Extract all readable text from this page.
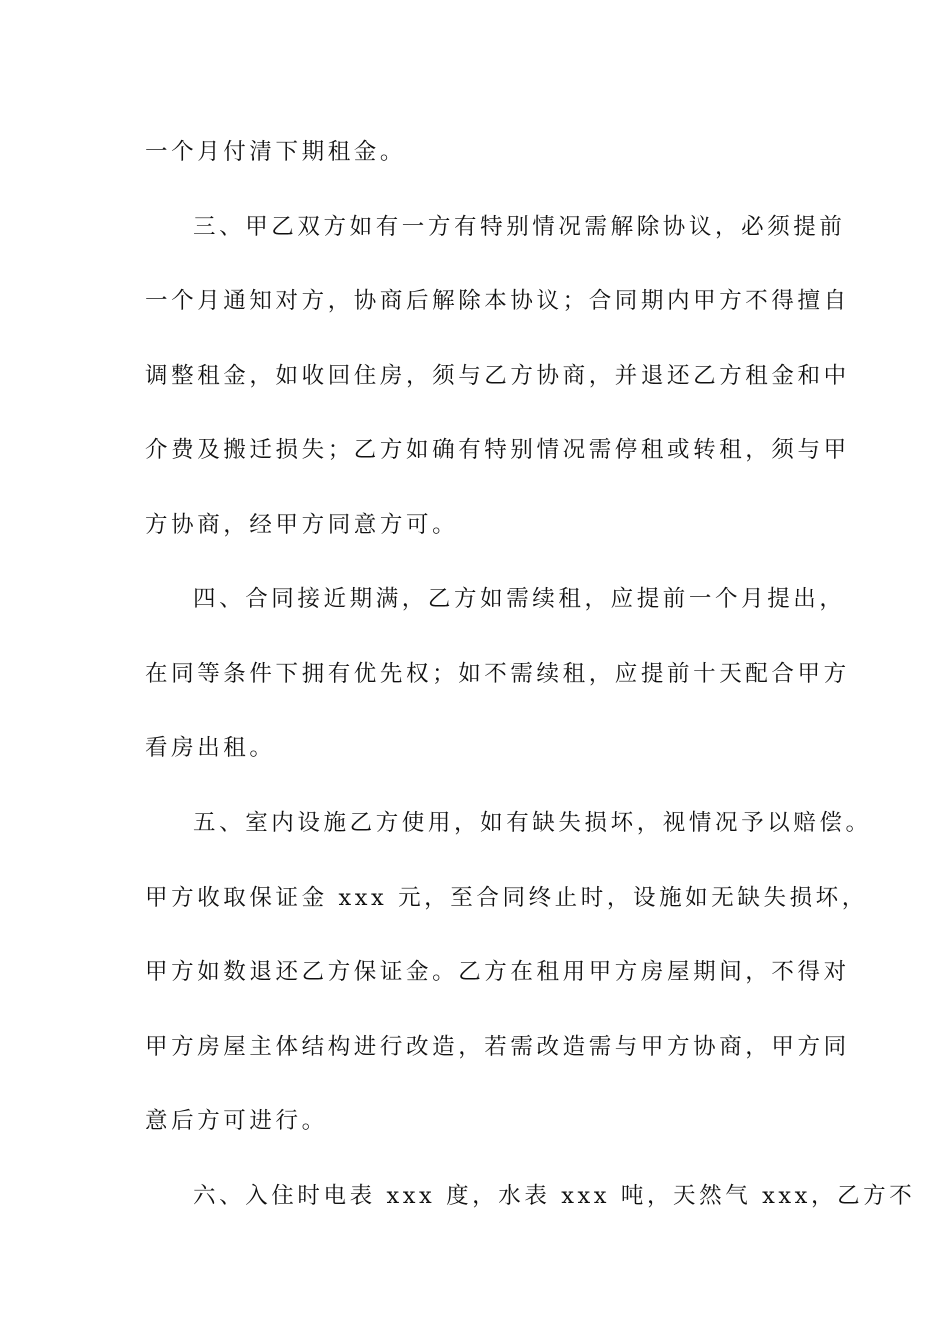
一个月付清下期租金。
三、甲乙双方如有一方有特别情况需解除协议，必须提前
一个月通知对方，协商后解除本协议；合同期内甲方不得擅自
调整租金，如收回住房，须与乙方协商，并退还乙方租金和中
介费及搬迁损失；乙方如确有特别情况需停租或转租，须与甲
方协商，经甲方同意方可。
四、合同接近期满，乙方如需续租，应提前一个月提出，
在同等条件下拥有优先权；如不需续租，应提前十天配合甲方
看房出租。
五、室内设施乙方使用，如有缺失损坏，视情况予以赔偿。
甲方收取保证金 xxx 元，至合同终止时，设施如无缺失损坏，
甲方如数退还乙方保证金。乙方在租用甲方房屋期间，不得对
甲方房屋主体结构进行改造，若需改造需与甲方协商，甲方同
意后方可进行。
六、入住时电表 xxx 度，水表 xxx 吨，天然气 xxx，乙方不
